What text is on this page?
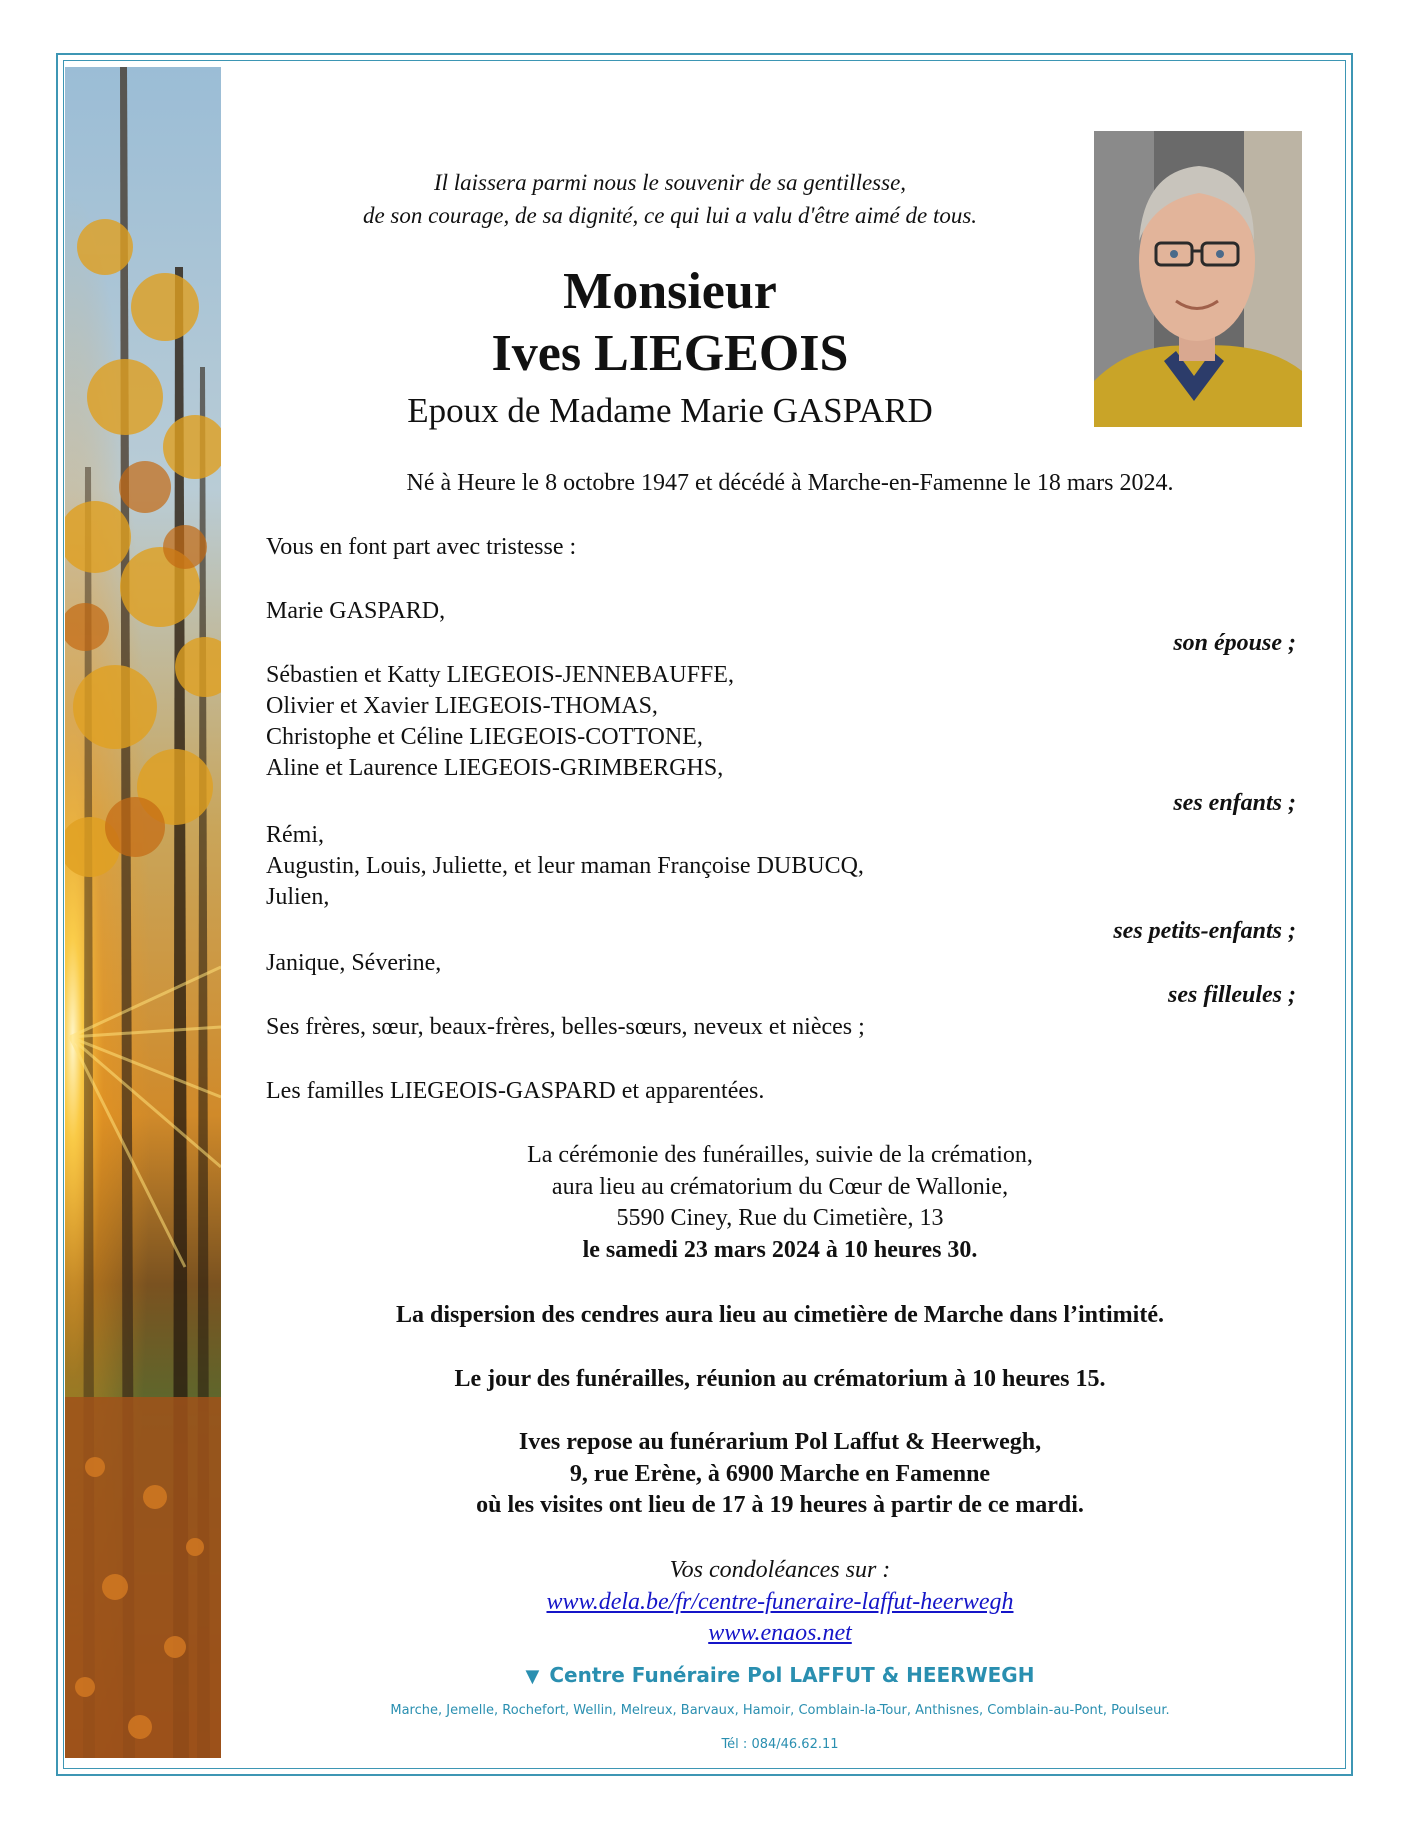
Il laissera parmi nous le souvenir de sa gentillesse,
de son courage, de sa dignité, ce qui lui a valu d'être aimé de tous.
Monsieur
Ives LIEGEOIS
Epoux de Madame Marie GASPARD
Né à Heure le 8 octobre 1947 et décédé à Marche-en-Famenne le 18 mars 2024.
Vous en font part avec tristesse :
Marie GASPARD,
son épouse ;
Sébastien et Katty LIEGEOIS-JENNEBAUFFE,
Olivier et Xavier LIEGEOIS-THOMAS,
Christophe et Céline LIEGEOIS-COTTONE,
Aline et Laurence LIEGEOIS-GRIMBERGHS,
ses enfants ;
Rémi,
Augustin, Louis, Juliette, et leur maman Françoise DUBUCQ,
Julien,
ses petits-enfants ;
Janique, Séverine,
ses filleules ;
Ses frères, sœur, beaux-frères, belles-sœurs, neveux et nièces ;
Les familles LIEGEOIS-GASPARD et apparentées.
La cérémonie des funérailles, suivie de la crémation,
aura lieu au crématorium du Cœur de Wallonie,
5590 Ciney, Rue du Cimetière, 13
le samedi 23 mars 2024 à 10 heures 30.
La dispersion des cendres aura lieu au cimetière de Marche dans l’intimité.
Le jour des funérailles, réunion au crématorium à 10 heures 15.
Ives repose au funérarium Pol Laffut & Heerwegh,
9, rue Erène, à 6900 Marche en Famenne
où les visites ont lieu de 17 à 19 heures à partir de ce mardi.
Vos condoléances sur :
www.dela.be/fr/centre-funeraire-laffut-heerwegh
www.enaos.net
▼ Centre Funéraire Pol LAFFUT & HEERWEGH
Marche, Jemelle, Rochefort, Wellin, Melreux, Barvaux, Hamoir, Comblain-la-Tour, Anthisnes, Comblain-au-Pont, Poulseur.
Tél : 084/46.62.11
